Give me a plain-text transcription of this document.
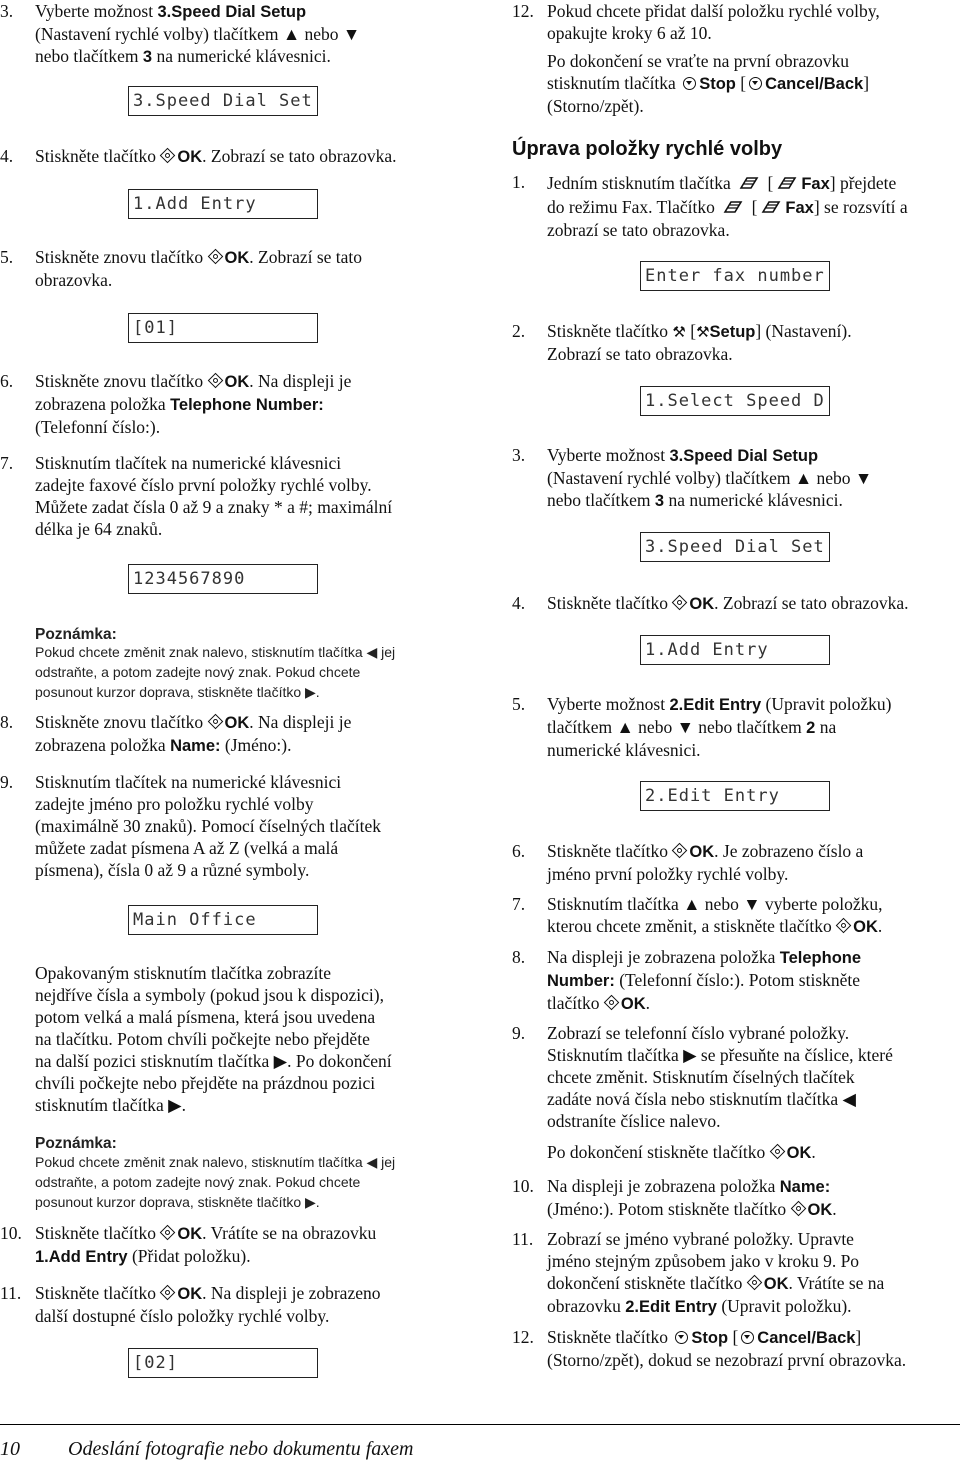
3.	Vyberte možnost 3.Speed Dial Setup
(Nastavení rychlé volby) tlačítkem ▲ nebo ▼
nebo tlačítkem 3 na numerické klávesnici.
3.Speed Dial Set
4.	Stiskněte tlačítko OK. Zobrazí se tato obrazovka.
1.Add Entry
5.	Stiskněte znovu tlačítko OK. Zobrazí se tato
obrazovka.
[01]
6.	Stiskněte znovu tlačítko OK. Na displeji je
zobrazena položka Telephone Number:
(Telefonní číslo:).
7.	Stisknutím tlačítek na numerické klávesnici
zadejte faxové číslo první položky rychlé volby.
Můžete zadat čísla 0 až 9 a znaky * a #; maximální
délka je 64 znaků.
1234567890
Poznámka:
Pokud chcete změnit znak nalevo, stisknutím tlačítka ◀ jej
odstraňte, a potom zadejte nový znak. Pokud chcete
posunout kurzor doprava, stiskněte tlačítko ▶.
8.	Stiskněte znovu tlačítko OK. Na displeji je
zobrazena položka Name: (Jméno:).
9.	Stisknutím tlačítek na numerické klávesnici
zadejte jméno pro položku rychlé volby
(maximálně 30 znaků). Pomocí číselných tlačítek
můžete zadat písmena A až Z (velká a malá
písmena), čísla 0 až 9 a různé symboly.
Main Office
Opakovaným stisknutím tlačítka zobrazíte
nejdříve čísla a symboly (pokud jsou k dispozici),
potom velká a malá písmena, která jsou uvedena
na tlačítku. Potom chvíli počkejte nebo přejděte
na další pozici stisknutím tlačítka ▶. Po dokončení
chvíli počkejte nebo přejděte na prázdnou pozici
stisknutím tlačítka ▶.
Poznámka:
Pokud chcete změnit znak nalevo, stisknutím tlačítka ◀ jej
odstraňte, a potom zadejte nový znak. Pokud chcete
posunout kurzor doprava, stiskněte tlačítko ▶.
10. Stiskněte tlačítko OK. Vrátíte se na obrazovku
1.Add Entry (Přidat položku).
11. Stiskněte tlačítko OK. Na displeji je zobrazeno
další dostupné číslo položky rychlé volby.
[02]
12. Pokud chcete přidat další položku rychlé volby,
opakujte kroky 6 až 10.
Po dokončení se vraťte na první obrazovku
stisknutím tlačítka Stop [ Cancel/Back]
(Storno/zpět).
Úprava položky rychlé volby
1.	Jedním stisknutím tlačítka  [ Fax] přejdete
do režimu Fax. Tlačítko  [ Fax] se rozsvítí a
zobrazí se tato obrazovka.
Enter fax number
2.	Stiskněte tlačítko ⚒ [⚒Setup] (Nastavení).
Zobrazí se tato obrazovka.
1.Select Speed D
3.	Vyberte možnost 3.Speed Dial Setup
(Nastavení rychlé volby) tlačítkem ▲ nebo ▼
nebo tlačítkem 3 na numerické klávesnici.
3.Speed Dial Set
4.	Stiskněte tlačítko OK. Zobrazí se tato obrazovka.
1.Add Entry
5.	Vyberte možnost 2.Edit Entry (Upravit položku)
tlačítkem ▲ nebo ▼ nebo tlačítkem 2 na
numerické klávesnici.
2.Edit Entry
6.	Stiskněte tlačítko OK. Je zobrazeno číslo a
jméno první položky rychlé volby.
7.	Stisknutím tlačítka ▲ nebo ▼ vyberte položku,
kterou chcete změnit, a stiskněte tlačítko OK.
8.	Na displeji je zobrazena položka Telephone
Number: (Telefonní číslo:). Potom stiskněte
tlačítko OK.
9.	Zobrazí se telefonní číslo vybrané položky.
Stisknutím tlačítka ▶ se přesuňte na číslice, které
chcete změnit. Stisknutím číselných tlačítek
zadáte nová čísla nebo stisknutím tlačítka ◀
odstraníte číslice nalevo.
Po dokončení stiskněte tlačítko OK.
10. Na displeji je zobrazena položka Name:
(Jméno:). Potom stiskněte tlačítko OK.
11. Zobrazí se jméno vybrané položky. Upravte
jméno stejným způsobem jako v kroku 9. Po
dokončení stiskněte tlačítko OK. Vrátíte se na
obrazovku 2.Edit Entry (Upravit položku).
12. Stiskněte tlačítko Stop [ Cancel/Back]
(Storno/zpět), dokud se nezobrazí první obrazovka.
10	Odeslání fotografie nebo dokumentu faxem
